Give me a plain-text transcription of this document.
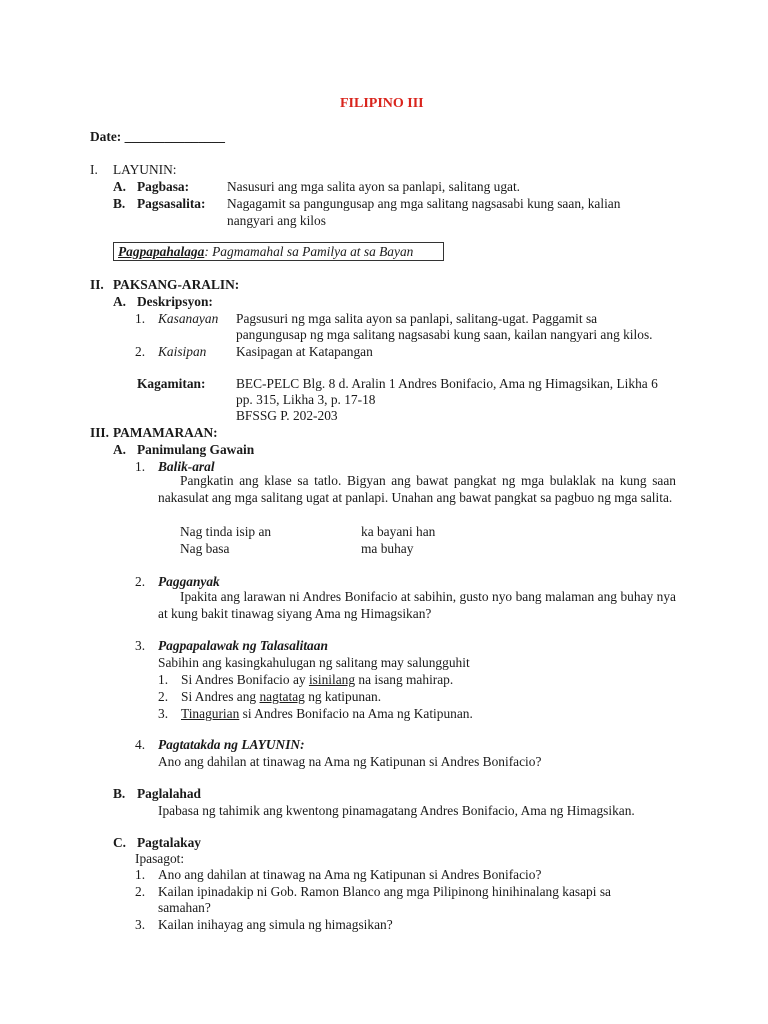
FILIPINO III
Date: _______________
I. LAYUNIN:
A. Pagbasa:	Nasusuri ang mga salita ayon sa panlapi, salitang ugat.
B. Pagsasalita: Nagagamit sa pangungusap ang mga salitang nagsasabi kung saan, kalian
nangyari ang kilos
Pagpapahalaga: Pagmamahal sa Pamilya at sa Bayan
II. PAKSANG-ARALIN:
A. Deskripsyon:
1. Kasanayan Pagsusuri ng mga salita ayon sa panlapi, salitang-ugat. Paggamit sa
pangungusap ng mga salitang nagsasabi kung saan, kailan nangyari ang kilos.
2. Kaisipan Kasipagan at Katapangan
Kagamitan: BEC-PELC Blg. 8 d. Aralin 1 Andres Bonifacio, Ama ng Himagsikan, Likha 6
pp. 315, Likha 3, p. 17-18
BFSSG P. 202-203
III. PAMAMARAAN:
A. Panimulang Gawain
1. Balik-aral
Pangkatin ang klase sa tatlo. Bigyan ang bawat pangkat ng mga bulaklak na kung saan nakasulat ang mga salitang ugat at panlapi. Unahan ang bawat pangkat sa pagbuo ng mga salita.
Nag tinda isip an	ka bayani han
Nag basa	ma buhay
2. Pagganyak
Ipakita ang larawan ni Andres Bonifacio at sabihin, gusto nyo bang malaman ang buhay nya at kung bakit tinawag siyang Ama ng Himagsikan?
3. Pagpapalawak ng Talasalitaan
Sabihin ang kasingkahulugan ng salitang may salungguhit
1. Si Andres Bonifacio ay isinilang na isang mahirap.
2. Si Andres ang nagtatag ng katipunan.
3. Tinagurian si Andres Bonifacio na Ama ng Katipunan.
4. Pagtatakda ng LAYUNIN:
Ano ang dahilan at tinawag na Ama ng Katipunan si Andres Bonifacio?
B. Paglalahad
Ipabasa ng tahimik ang kwentong pinamagatang Andres Bonifacio, Ama ng Himagsikan.
C. Pagtalakay
Ipasagot:
1. Ano ang dahilan at tinawag na Ama ng Katipunan si Andres Bonifacio?
2. Kailan ipinadakip ni Gob. Ramon Blanco ang mga Pilipinong hinihinalang kasapi sa
samahan?
3. Kailan inihayag ang simula ng himagsikan?
